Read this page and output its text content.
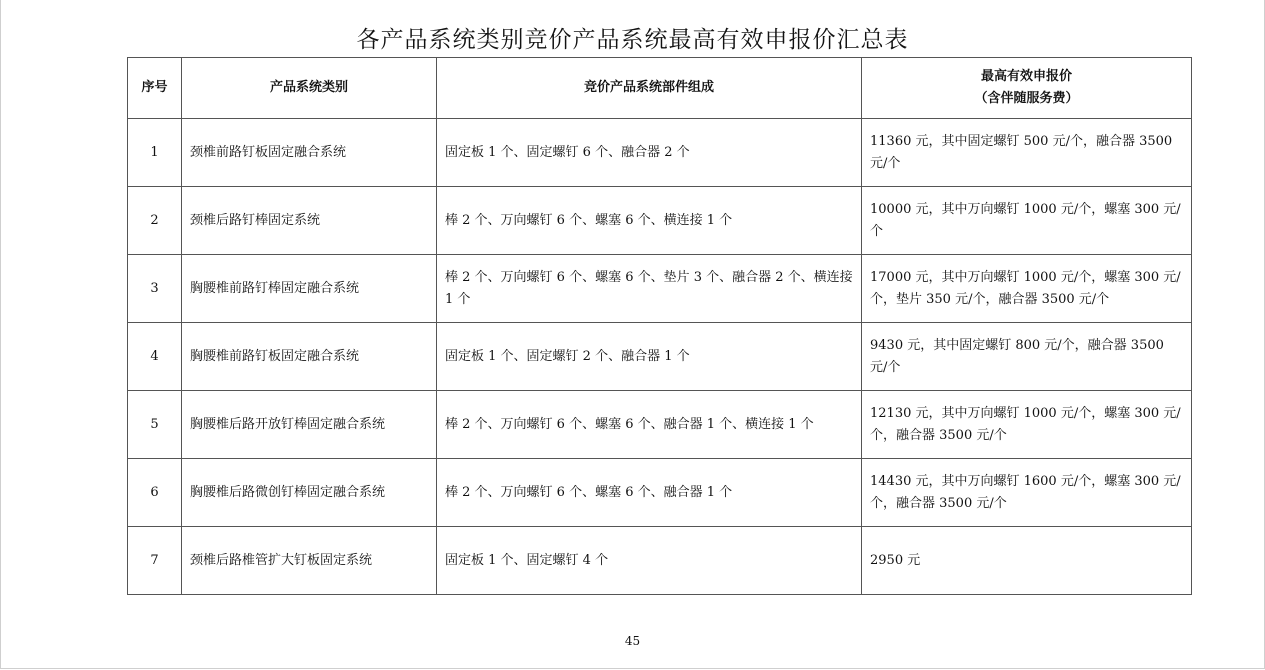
各产品系统类别竞价产品系统最高有效申报价汇总表
序号	产品系统类别	竞价产品系统部件组成	最高有效申报价
（含伴随服务费）

1	颈椎前路钉板固定融合系统	固定板 1 个、固定螺钉 6 个、融合器 2 个	11360 元，其中固定螺钉 500 元/个，融合器 3500 元/个
2	颈椎后路钉棒固定系统	棒 2 个、万向螺钉 6 个、螺塞 6 个、横连接 1 个	10000 元，其中万向螺钉 1000 元/个，螺塞 300 元/个
3	胸腰椎前路钉棒固定融合系统	棒 2 个、万向螺钉 6 个、螺塞 6 个、垫片 3 个、融合器 2 个、横连接 1 个	17000 元，其中万向螺钉 1000 元/个，螺塞 300 元/个，垫片 350 元/个，融合器 3500 元/个
4	胸腰椎前路钉板固定融合系统	固定板 1 个、固定螺钉 2 个、融合器 1 个	9430 元，其中固定螺钉 800 元/个，融合器 3500 元/个
5	胸腰椎后路开放钉棒固定融合系统	棒 2 个、万向螺钉 6 个、螺塞 6 个、融合器 1 个、横连接 1 个	12130 元，其中万向螺钉 1000 元/个，螺塞 300 元/个，融合器 3500 元/个
6	胸腰椎后路微创钉棒固定融合系统	棒 2 个、万向螺钉 6 个、螺塞 6 个、融合器 1 个	14430 元，其中万向螺钉 1600 元/个，螺塞 300 元/个，融合器 3500 元/个
7	颈椎后路椎管扩大钉板固定系统	固定板 1 个、固定螺钉 4 个	2950 元
45
